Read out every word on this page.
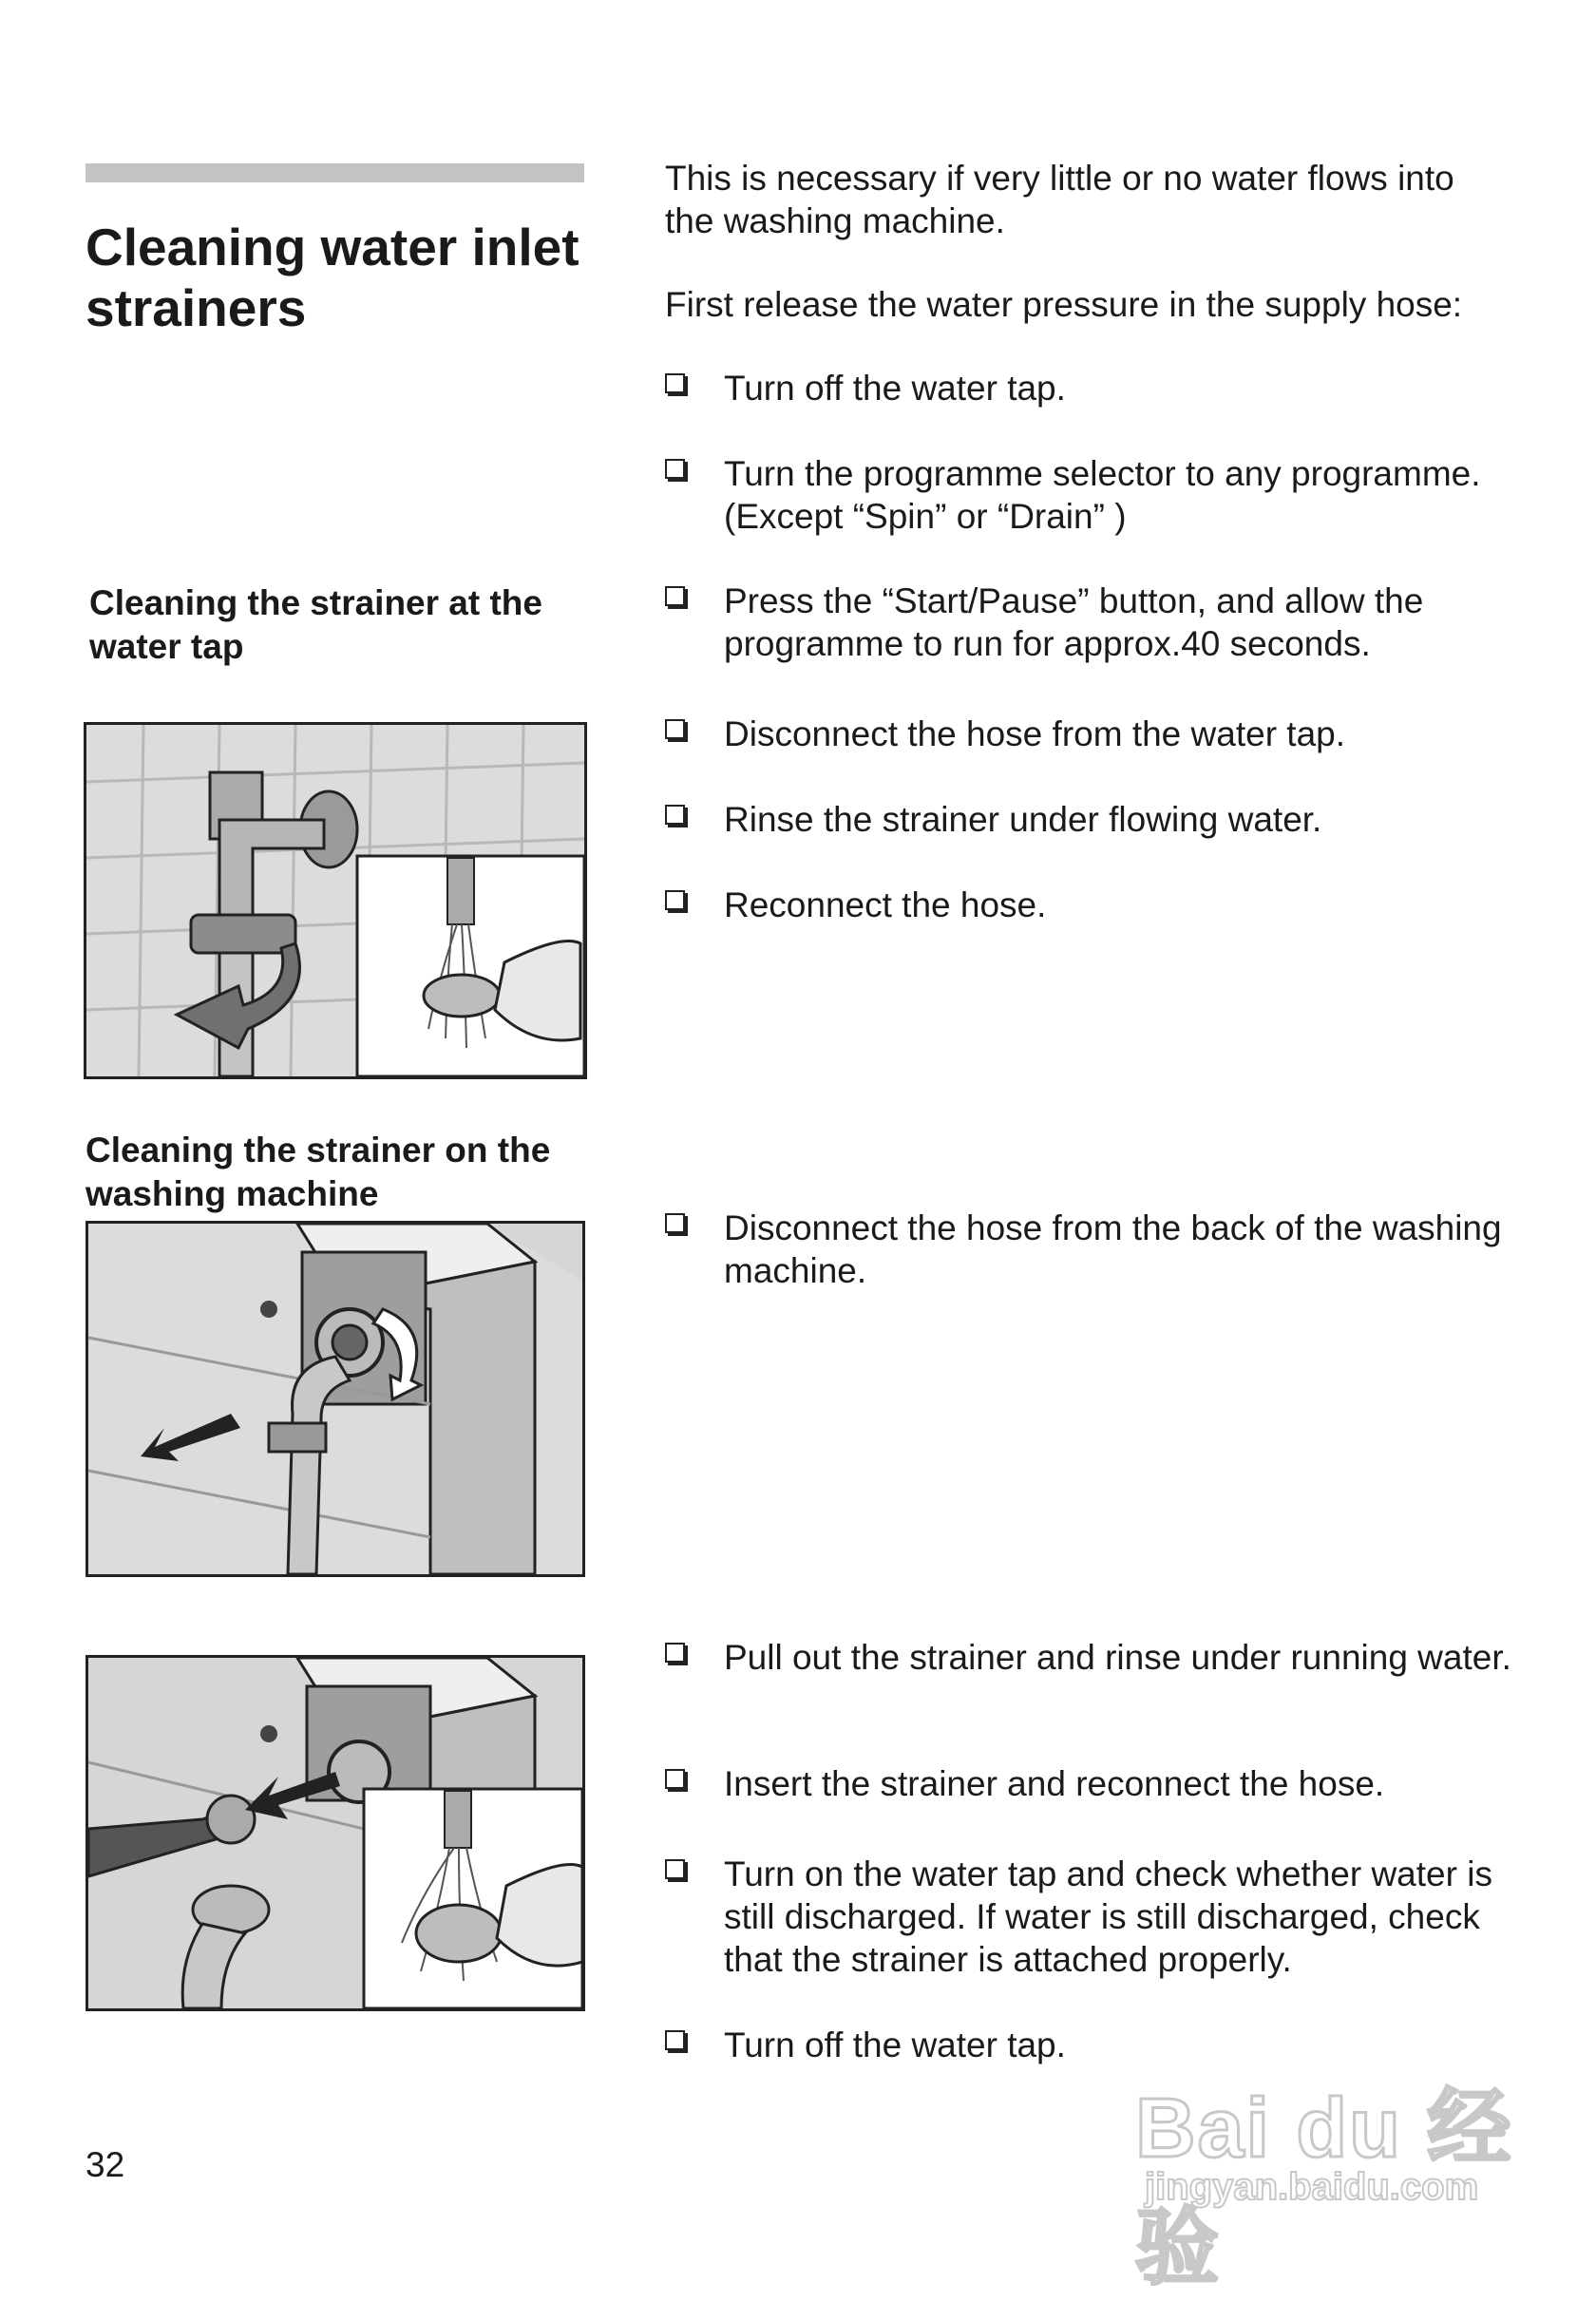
Cleaning water inlet strainers
This is necessary if very little or no water flows into the washing machine.
First release the water pressure in the supply hose:
Turn off the water tap.
Turn the programme selector to any programme. (Except “Spin” or “Drain” )
Press the “Start/Pause” button, and allow the programme to run for approx.40 seconds.
Cleaning the strainer at the water tap
Disconnect the hose from the water tap.
Rinse the strainer under flowing water.
Reconnect the hose.
Cleaning the strainer on the washing machine
Disconnect the hose from the back of the washing machine.
Pull out the strainer and rinse under running water.
Insert the strainer and reconnect the hose.
Turn on the water tap and check whether water is still discharged. If water is still discharged, check that the strainer is attached properly.
Turn off the water tap.
32	Bai du 经验
jingyan.baidu.com
